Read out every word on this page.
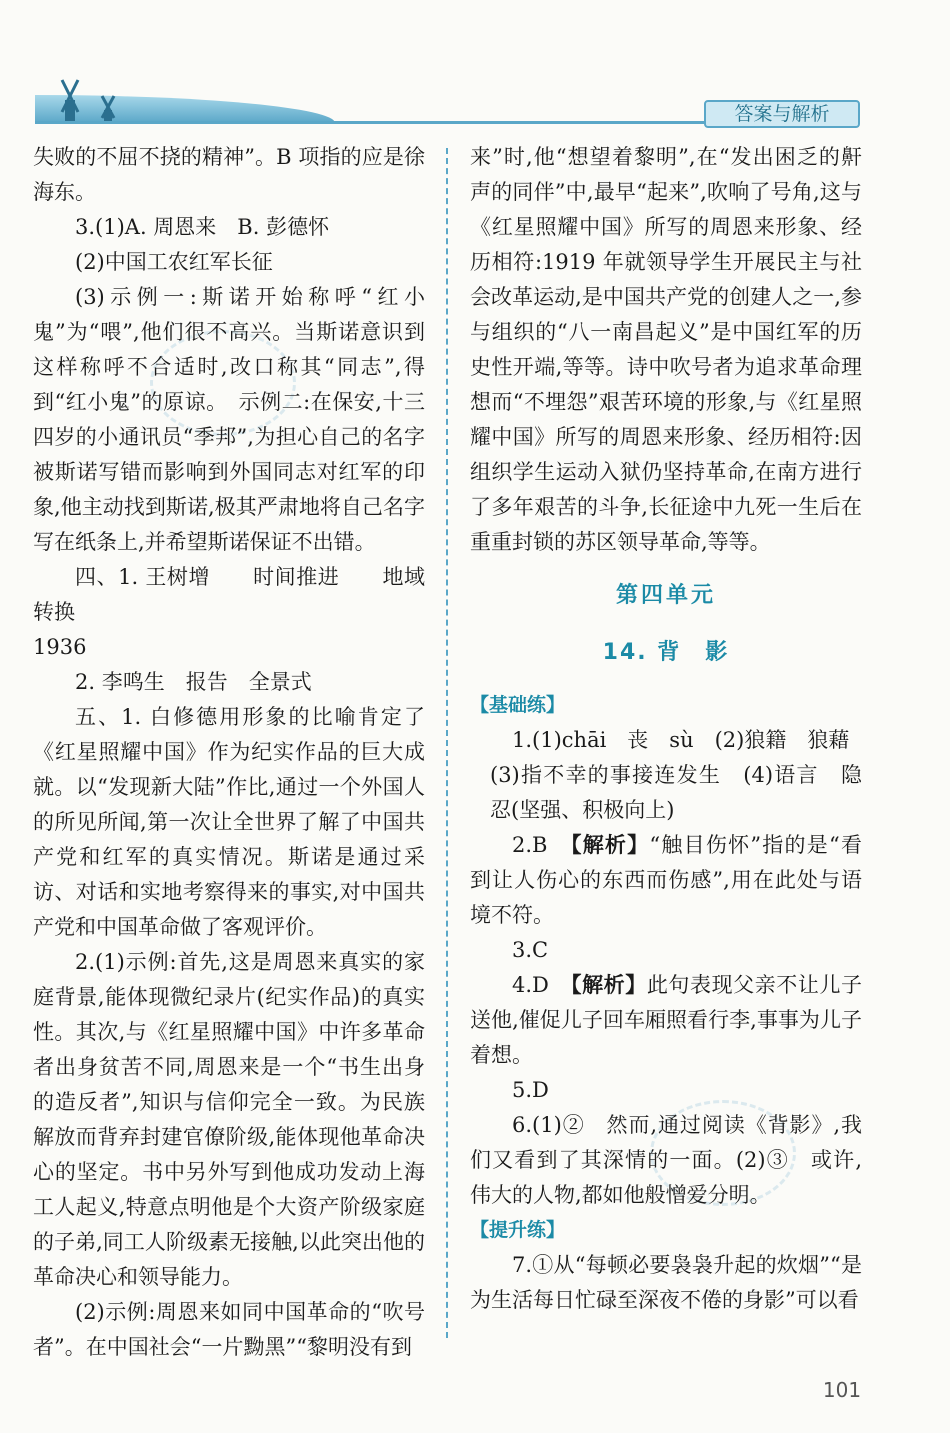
答案与解析

失败的不屈不挠的精神”。B 项指的应是徐海东。

3.(1)A. 周恩来　B. 彭德怀

(2)中国工农红军长征

(3)示例一:斯诺开始称呼“红小鬼”为“喂”,他们很不高兴。当斯诺意识到这样称呼不合适时,改口称其“同志”,得到“红小鬼”的原谅。　示例二:在保安,十三四岁的小通讯员“季邦”,为担心自己的名字被斯诺写错而影响到外国同志对红军的印象,他主动找到斯诺,极其严肃地将自己名字写在纸条上,并希望斯诺保证不出错。

四、1. 王树增　　时间推进　　地域转换

1936

2. 李鸣生　报告　全景式

五、1. 白修德用形象的比喻肯定了《红星照耀中国》作为纪实作品的巨大成就。以“发现新大陆”作比,通过一个外国人的所见所闻,第一次让全世界了解了中国共产党和红军的真实情况。斯诺是通过采访、对话和实地考察得来的事实,对中国共产党和中国革命做了客观评价。

2.(1)示例:首先,这是周恩来真实的家庭背景,能体现微纪录片(纪实作品)的真实性。其次,与《红星照耀中国》中许多革命者出身贫苦不同,周恩来是一个“书生出身的造反者”,知识与信仰完全一致。为民族解放而背弃封建官僚阶级,能体现他革命决心的坚定。书中另外写到他成功发动上海工人起义,特意点明他是个大资产阶级家庭的子弟,同工人阶级素无接触,以此突出他的革命决心和领导能力。

(2)示例:周恩来如同中国革命的“吹号者”。在中国社会“一片黝黑”“黎明没有到

来”时,他“想望着黎明”,在“发出困乏的鼾声的同伴”中,最早“起来”,吹响了号角,这与《红星照耀中国》所写的周恩来形象、经历相符:1919 年就领导学生开展民主与社会改革运动,是中国共产党的创建人之一,参与组织的“八一南昌起义”是中国红军的历史性开端,等等。诗中吹号者为追求革命理想而“不埋怨”艰苦环境的形象,与《红星照耀中国》所写的周恩来形象、经历相符:因组织学生运动入狱仍坚持革命,在南方进行了多年艰苦的斗争,长征途中九死一生后在重重封锁的苏区领导革命,等等。

第四单元
14. 背　影
【基础练】

1.(1)chāi　丧　sù　(2)狼籍　狼藉

(3)指不幸的事接连发生　(4)语言　隐忍(坚强、积极向上)

2.B　 【解析】“触目伤怀”指的是“看到让人伤心的东西而伤感”,用在此处与语境不符。

3.C

4.D　 【解析】此句表现父亲不让儿子送他,催促儿子回车厢照看行李,事事为儿子着想。

5.D

6.(1)②　然而,通过阅读《背影》,我们又看到了其深情的一面。(2)③　或许,伟大的人物,都如他般憎爱分明。

【提升练】

7.①从“每顿必要袅袅升起的炊烟”“是为生活每日忙碌至深夜不倦的身影”可以看

101
